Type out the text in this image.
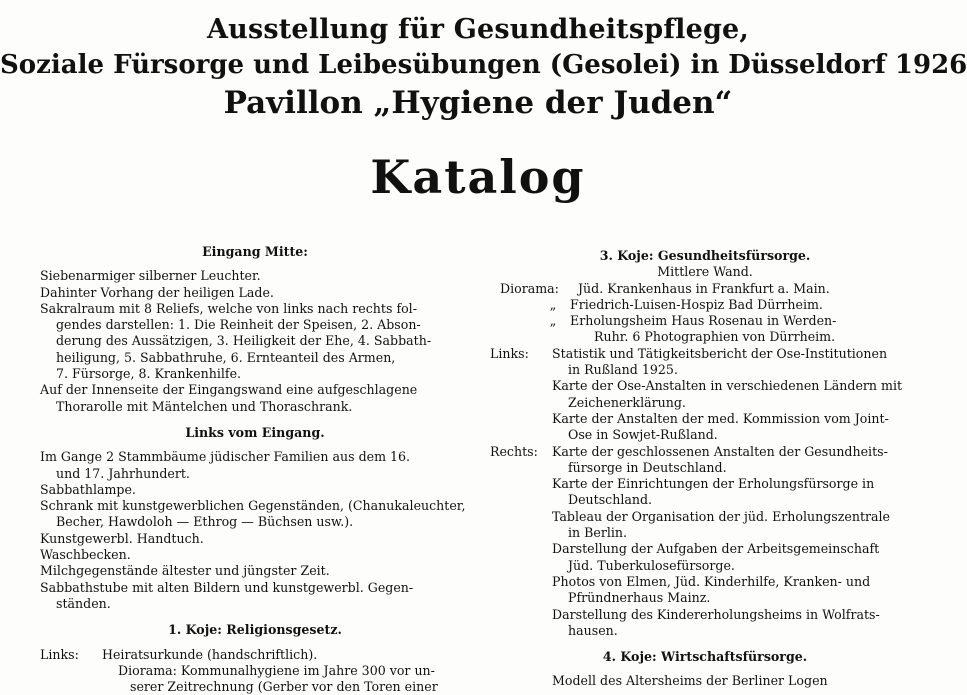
Ausstellung für Gesundheitspflege,
Soziale Fürsorge und Leibesübungen (Gesolei) in Düsseldorf 1926
Pavillon „Hygiene der Juden“
Katalog

Eingang Mitte:

Siebenarmiger silberner Leuchter.
Dahinter Vorhang der heiligen Lade.
Sakralraum mit 8 Reliefs, welche von links nach rechts fol-
gendes darstellen: 1. Die Reinheit der Speisen, 2. Abson-
derung des Aussätzigen, 3. Heiligkeit der Ehe, 4. Sabbath-
heiligung, 5. Sabbathruhe, 6. Ernteanteil des Armen,
7. Fürsorge, 8. Krankenhilfe.
Auf der Innenseite der Eingangswand eine aufgeschlagene
Thorarolle mit Mäntelchen und Thoraschrank.

Links vom Eingang.

Im Gange 2 Stammbäume jüdischer Familien aus dem 16.
und 17. Jahrhundert.
Sabbathlampe.
Schrank mit kunstgewerblichen Gegenständen, (Chanukaleuchter,
Becher, Hawdoloh — Ethrog — Büchsen usw.).
Kunstgewerbl. Handtuch.
Waschbecken.
Milchgegenstände ältester und jüngster Zeit.
Sabbathstube mit alten Bildern und kunstgewerbl. Gegen-
ständen.

1. Koje: Religionsgesetz.

Links:	Heiratsurkunde (handschriftlich).
Diorama: Kommunalhygiene im Jahre 300 vor un-
serer Zeitrechnung (Gerber vor den Toren einer

3. Koje: Gesundheitsfürsorge.

Mittlere Wand.

Diorama:	Jüd. Krankenhaus in Frankfurt a. Main.
„ Friedrich-Luisen-Hospiz Bad Dürrheim.
„ Erholungsheim Haus Rosenau in Werden-
Ruhr. 6 Photographien von Dürrheim.
Links:	Statistik und Tätigkeitsbericht der Ose-Institutionen
in Rußland 1925.
Karte der Ose-Anstalten in verschiedenen Ländern mit
Zeichenerklärung.
Karte der Anstalten der med. Kommission vom Joint-
Ose in Sowjet-Rußland.
Rechts:	Karte der geschlossenen Anstalten der Gesundheits-
fürsorge in Deutschland.
Karte der Einrichtungen der Erholungsfürsorge in
Deutschland.
Tableau der Organisation der jüd. Erholungszentrale
in Berlin.
Darstellung der Aufgaben der Arbeitsgemeinschaft
Jüd. Tuberkulosefürsorge.
Photos von Elmen, Jüd. Kinderhilfe, Kranken- und
Pfründnerhaus Mainz.
Darstellung des Kindererholungsheims in Wolfrats-
hausen.

4. Koje: Wirtschaftsfürsorge.

Modell des Altersheims der Berliner Logen
